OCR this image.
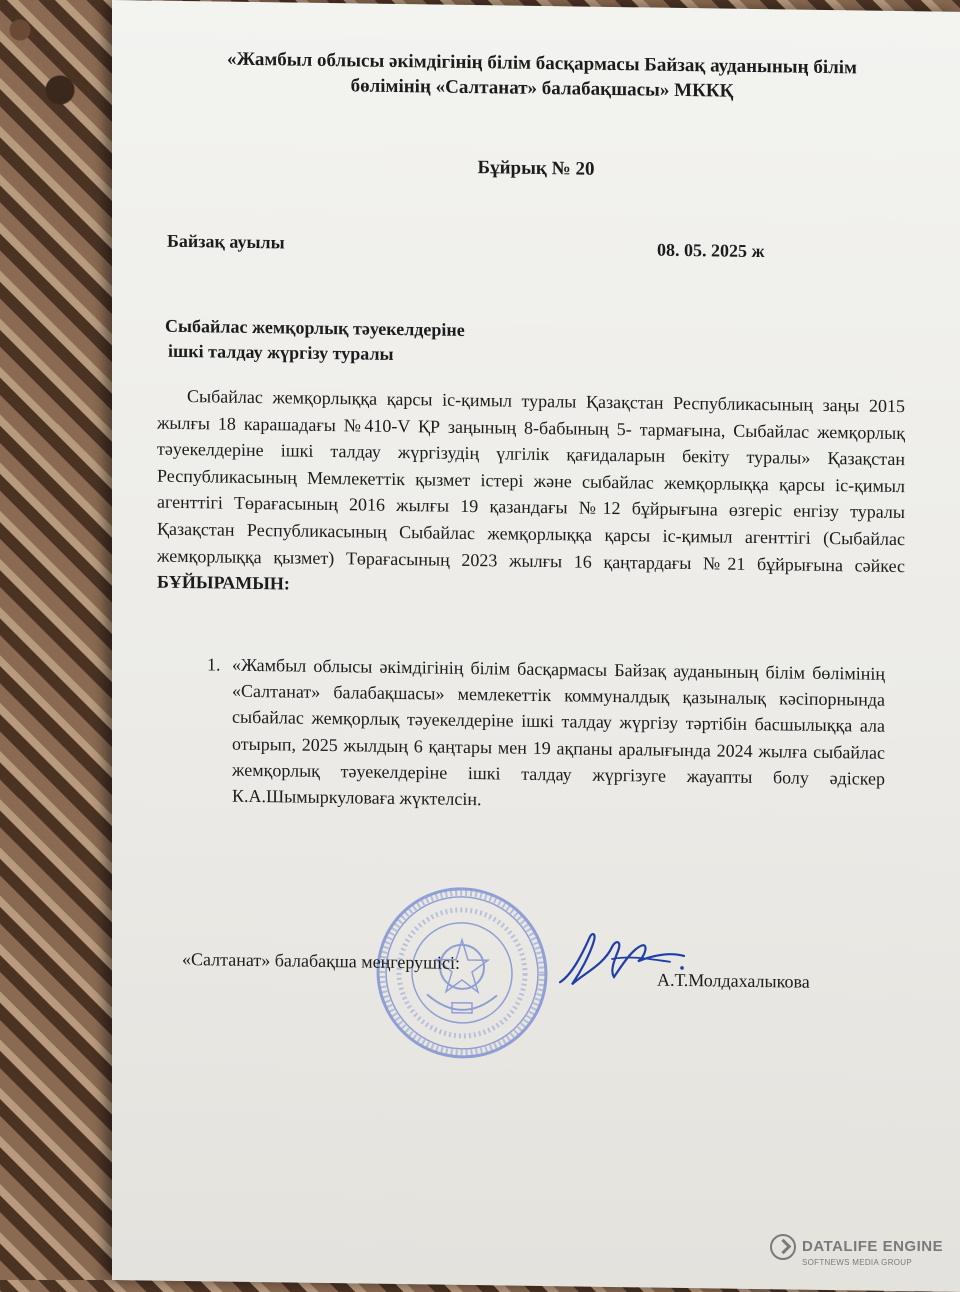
«Жамбыл облысы әкімдігінің білім басқармасы Байзақ ауданының білім
бөлімінің «Салтанат» балабақшасы» МККҚ
Бұйрық № 20
Байзақ ауылы	08. 05. 2025 ж
Сыбайлас жемқорлық тәуекелдеріне
ішкі талдау жүргізу туралы
Сыбайлас жемқорлыққа қарсы іс-қимыл туралы Қазақстан Республикасының заңы 2015 жылғы 18 карашадағы №410-V ҚР заңының 8-бабының 5- тармағына, Сыбайлас жемқорлық тәуекелдеріне ішкі талдау жүргізудің үлгілік қағидаларын бекіту туралы» Қазақстан Республикасының Мемлекеттік қызмет істері және сыбайлас жемқорлыққа қарсы іс-қимыл агенттігі Төрағасының 2016 жылғы 19 қазандағы №12 бұйрығына өзгеріс енгізу туралы Қазақстан Республикасының Сыбайлас жемқорлыққа қарсы іс-қимыл агенттігі (Сыбайлас жемқорлыққа қызмет) Төрағасының 2023 жылғы 16 қаңтардағы №21 бұйрығына сәйкес БҰЙЫРАМЫН:
1. «Жамбыл облысы әкімдігінің білім басқармасы Байзақ ауданының білім бөлімінің «Салтанат» балабақшасы» мемлекеттік коммуналдық қазыналық кәсіпорнында сыбайлас жемқорлық тәуекелдеріне ішкі талдау жүргізу тәртібін басшылыққа ала отырып, 2025 жылдың 6 қаңтары мен 19 ақпаны аралығында 2024 жылға сыбайлас жемқорлық тәуекелдеріне ішкі талдау жүргізуге жауапты болу әдіскер К.А.Шымыркуловаға жүктелсін.
«Салтанат» балабақша меңгерушісі:
А.Т.Молдахалыкова
DATALIFE ENGINE
SOFTNEWS MEDIA GROUP
